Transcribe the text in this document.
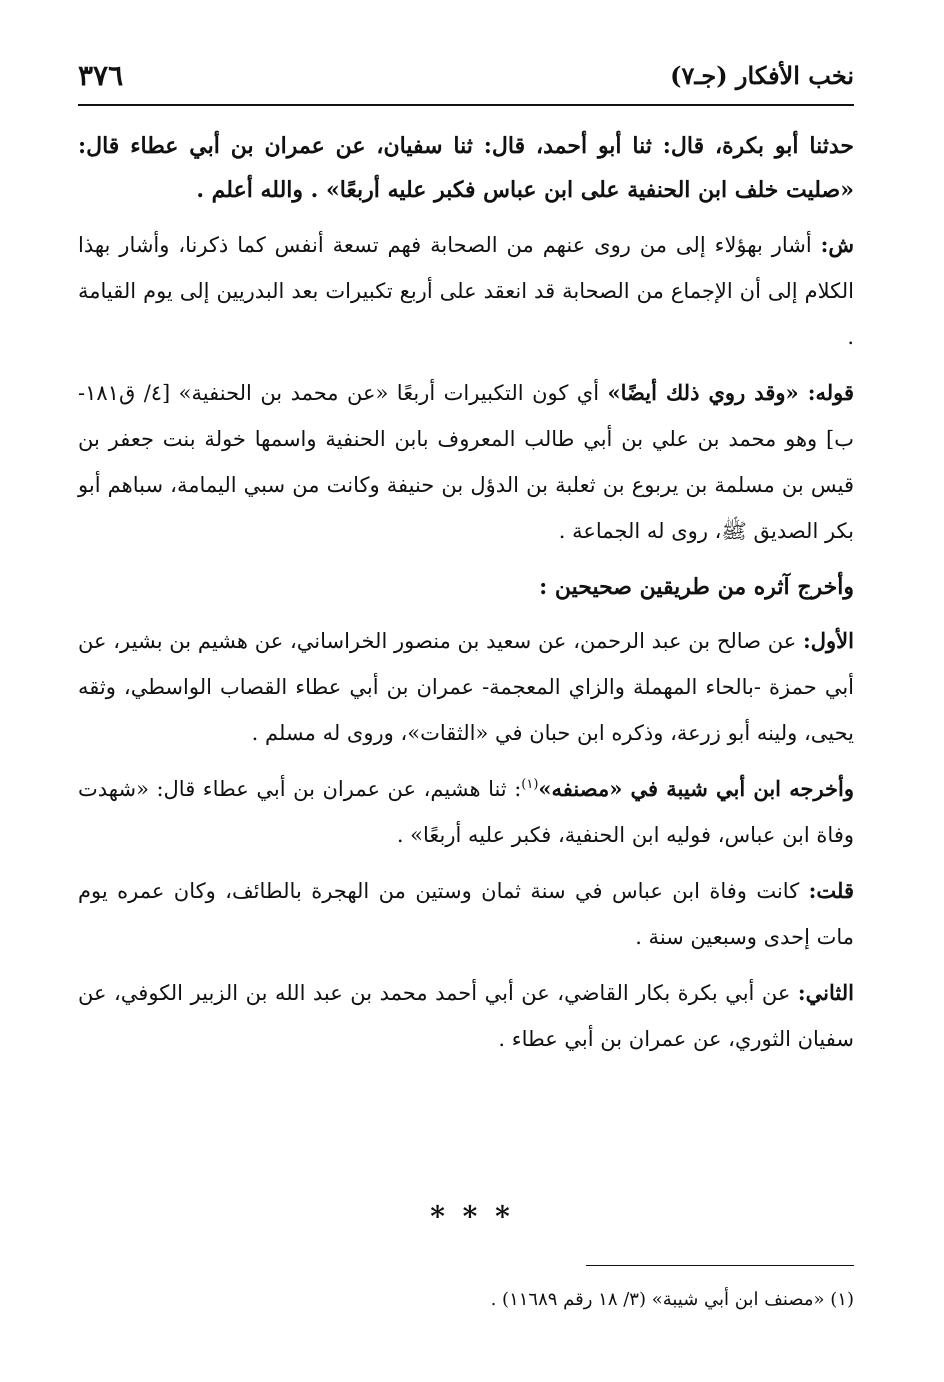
نخب الأفكار (جـ٧)
٣٧٦

حدثنا أبو بكرة، قال: ثنا أبو أحمد، قال: ثنا سفيان، عن عمران بن أبي عطاء قال: «صليت خلف ابن الحنفية على ابن عباس فكبر عليه أربعًا» . والله أعلم .

ش: أشار بهؤلاء إلى من روى عنهم من الصحابة فهم تسعة أنفس كما ذكرنا، وأشار بهذا الكلام إلى أن الإجماع من الصحابة قد انعقد على أربع تكبيرات بعد البدريين إلى يوم القيامة .

قوله: «وقد روي ذلك أيضًا» أي كون التكبيرات أربعًا «عن محمد بن الحنفية» [٤/ ق١٨١-ب] وهو محمد بن علي بن أبي طالب المعروف بابن الحنفية واسمها خولة بنت جعفر بن قيس بن مسلمة بن يربوع بن ثعلبة بن الدؤل بن حنيفة وكانت من سبي اليمامة، سباهم أبو بكر الصديق ﷺ، روى له الجماعة .

وأخرج آثره من طريقين صحيحين :

الأول: عن صالح بن عبد الرحمن، عن سعيد بن منصور الخراساني، عن هشيم بن بشير، عن أبي حمزة -بالحاء المهملة والزاي المعجمة- عمران بن أبي عطاء القصاب الواسطي، وثقه يحيى، ولينه أبو زرعة، وذكره ابن حبان في «الثقات»، وروى له مسلم .

وأخرجه ابن أبي شيبة في «مصنفه»$^{(١)}$: ثنا هشيم، عن عمران بن أبي عطاء قال: «شهدت وفاة ابن عباس، فوليه ابن الحنفية، فكبر عليه أربعًا» .

قلت: كانت وفاة ابن عباس في سنة ثمان وستين من الهجرة بالطائف، وكان عمره يوم مات إحدى وسبعين سنة .

الثاني: عن أبي بكرة بكار القاضي، عن أبي أحمد محمد بن عبد الله بن الزبير الكوفي، عن سفيان الثوري، عن عمران بن أبي عطاء .

* * *
(١) «مصنف ابن أبي شيبة» (٣/ ١٨ رقم ١١٦٨٩) .
